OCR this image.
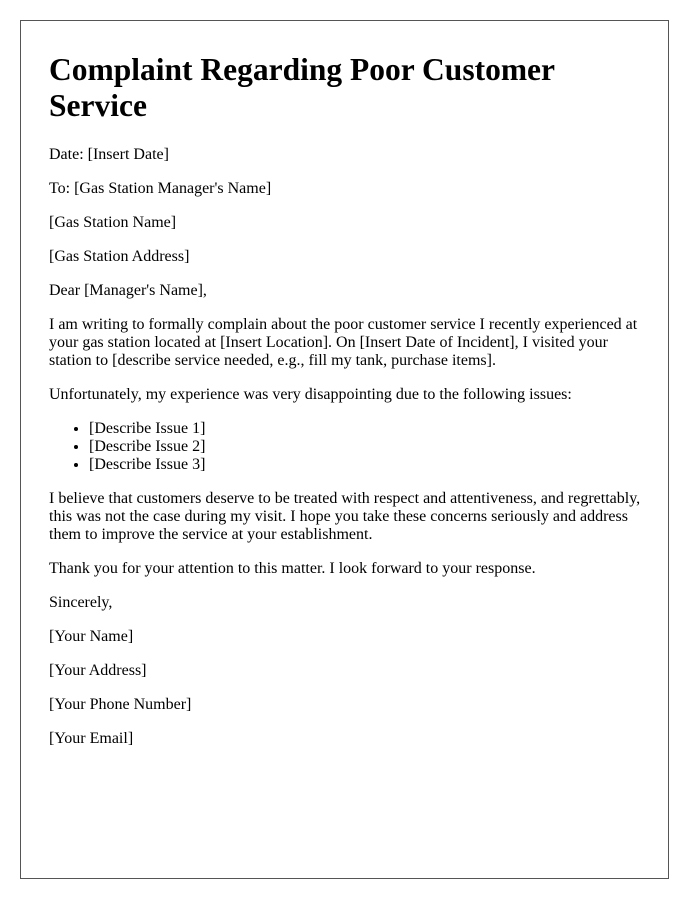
Complaint Regarding Poor Customer Service

Date: [Insert Date]

To: [Gas Station Manager's Name]

[Gas Station Name]

[Gas Station Address]

Dear [Manager's Name],

I am writing to formally complain about the poor customer service I recently experienced at your gas station located at [Insert Location]. On [Insert Date of Incident], I visited your station to [describe service needed, e.g., fill my tank, purchase items].

Unfortunately, my experience was very disappointing due to the following issues:

• [Describe Issue 1]
• [Describe Issue 2]
• [Describe Issue 3]

I believe that customers deserve to be treated with respect and attentiveness, and regrettably, this was not the case during my visit. I hope you take these concerns seriously and address them to improve the service at your establishment.

Thank you for your attention to this matter. I look forward to your response.

Sincerely,

[Your Name]

[Your Address]

[Your Phone Number]

[Your Email]
